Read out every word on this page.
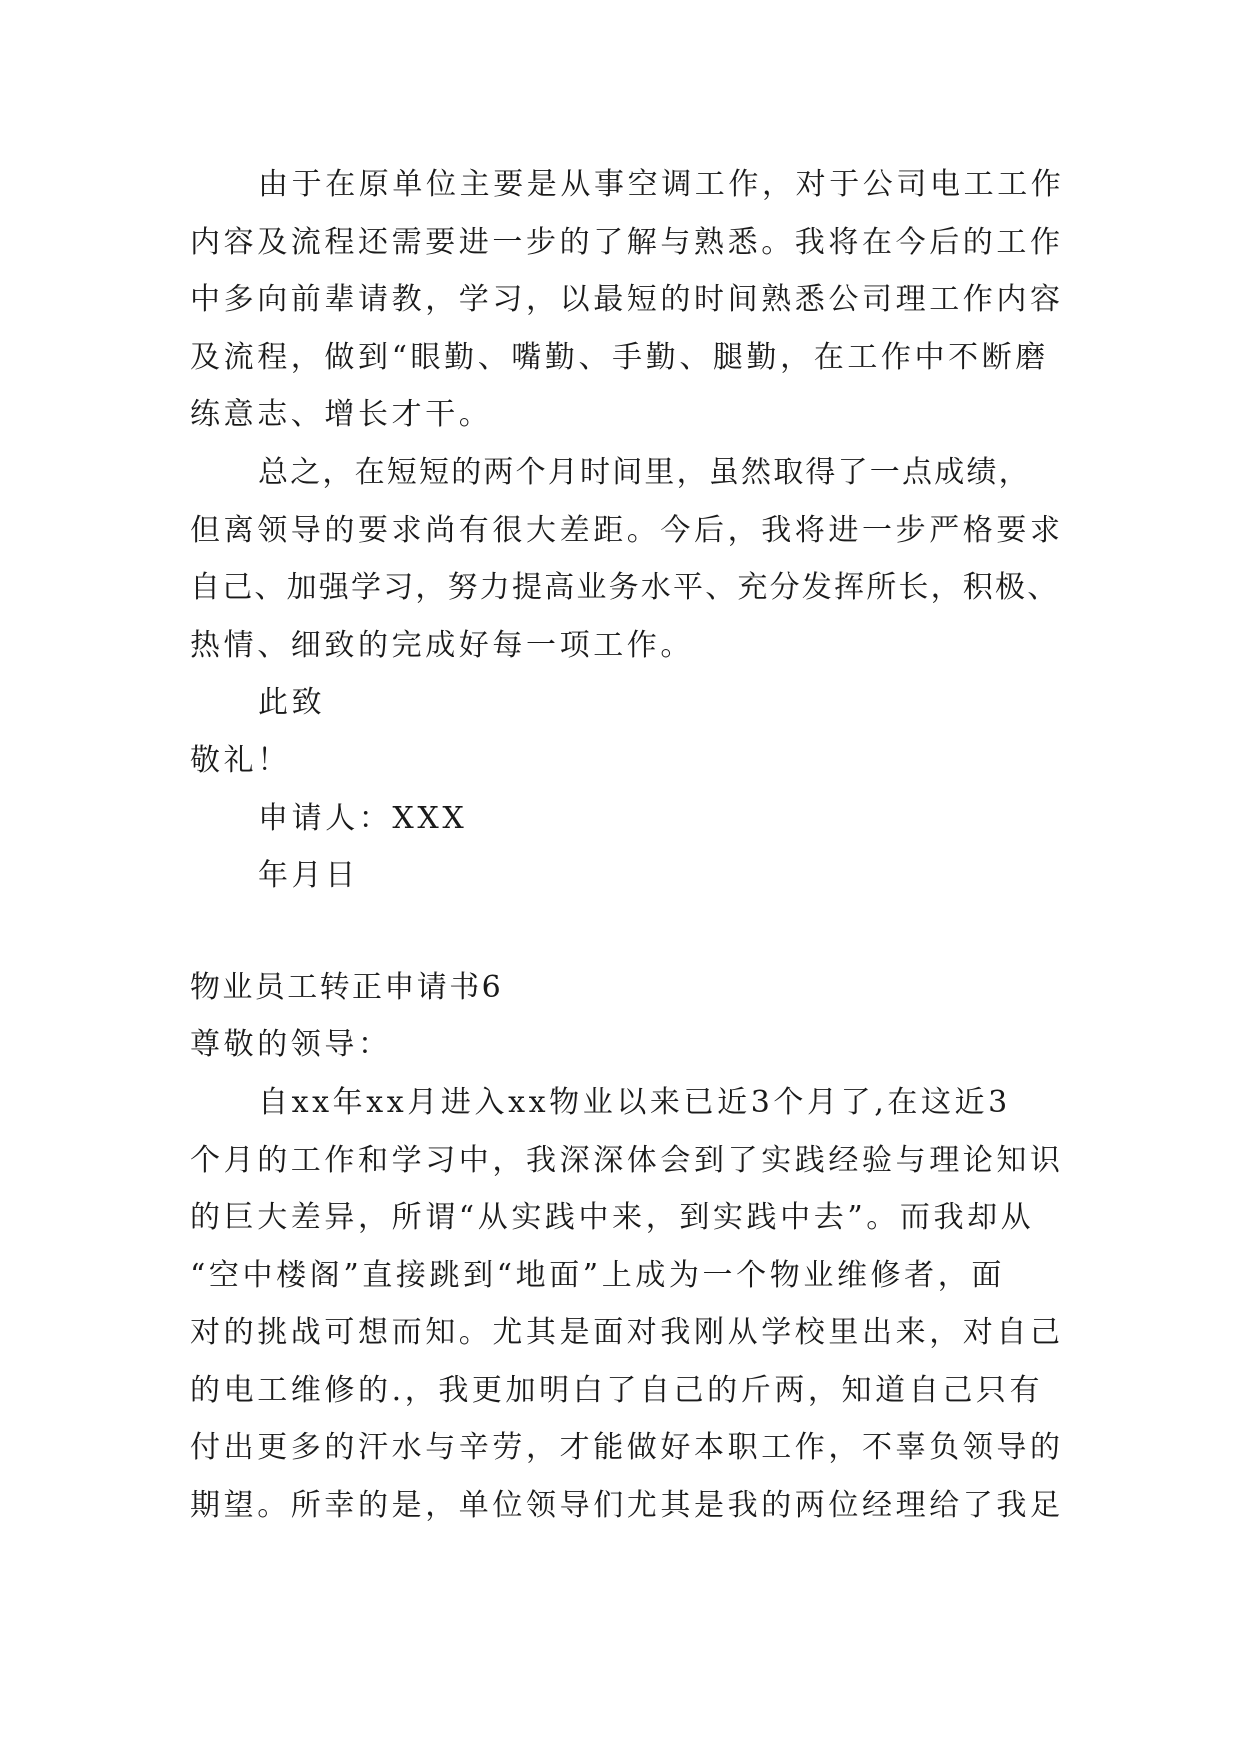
由于在原单位主要是从事空调工作，对于公司电工工作
内容及流程还需要进一步的了解与熟悉。我将在今后的工作
中多向前辈请教，学习，以最短的时间熟悉公司理工作内容
及流程，做到“眼勤、嘴勤、手勤、腿勤，在工作中不断磨
练意志、增长才干。
总之，在短短的两个月时间里，虽然取得了一点成绩，
但离领导的要求尚有很大差距。今后，我将进一步严格要求
自己、加强学习，努力提高业务水平、充分发挥所长，积极、
热情、细致的完成好每一项工作。
此致
敬礼！
申请人：XXX
年月日
物业员工转正申请书6
尊敬的领导：
自xx年xx月进入xx物业以来已近3个月了,在这近3
个月的工作和学习中，我深深体会到了实践经验与理论知识
的巨大差异，所谓“从实践中来，到实践中去”。而我却从
“空中楼阁”直接跳到“地面”上成为一个物业维修者，面
对的挑战可想而知。尤其是面对我刚从学校里出来，对自己
的电工维修的.，我更加明白了自己的斤两，知道自己只有
付出更多的汗水与辛劳，才能做好本职工作，不辜负领导的
期望。所幸的是，单位领导们尤其是我的两位经理给了我足
